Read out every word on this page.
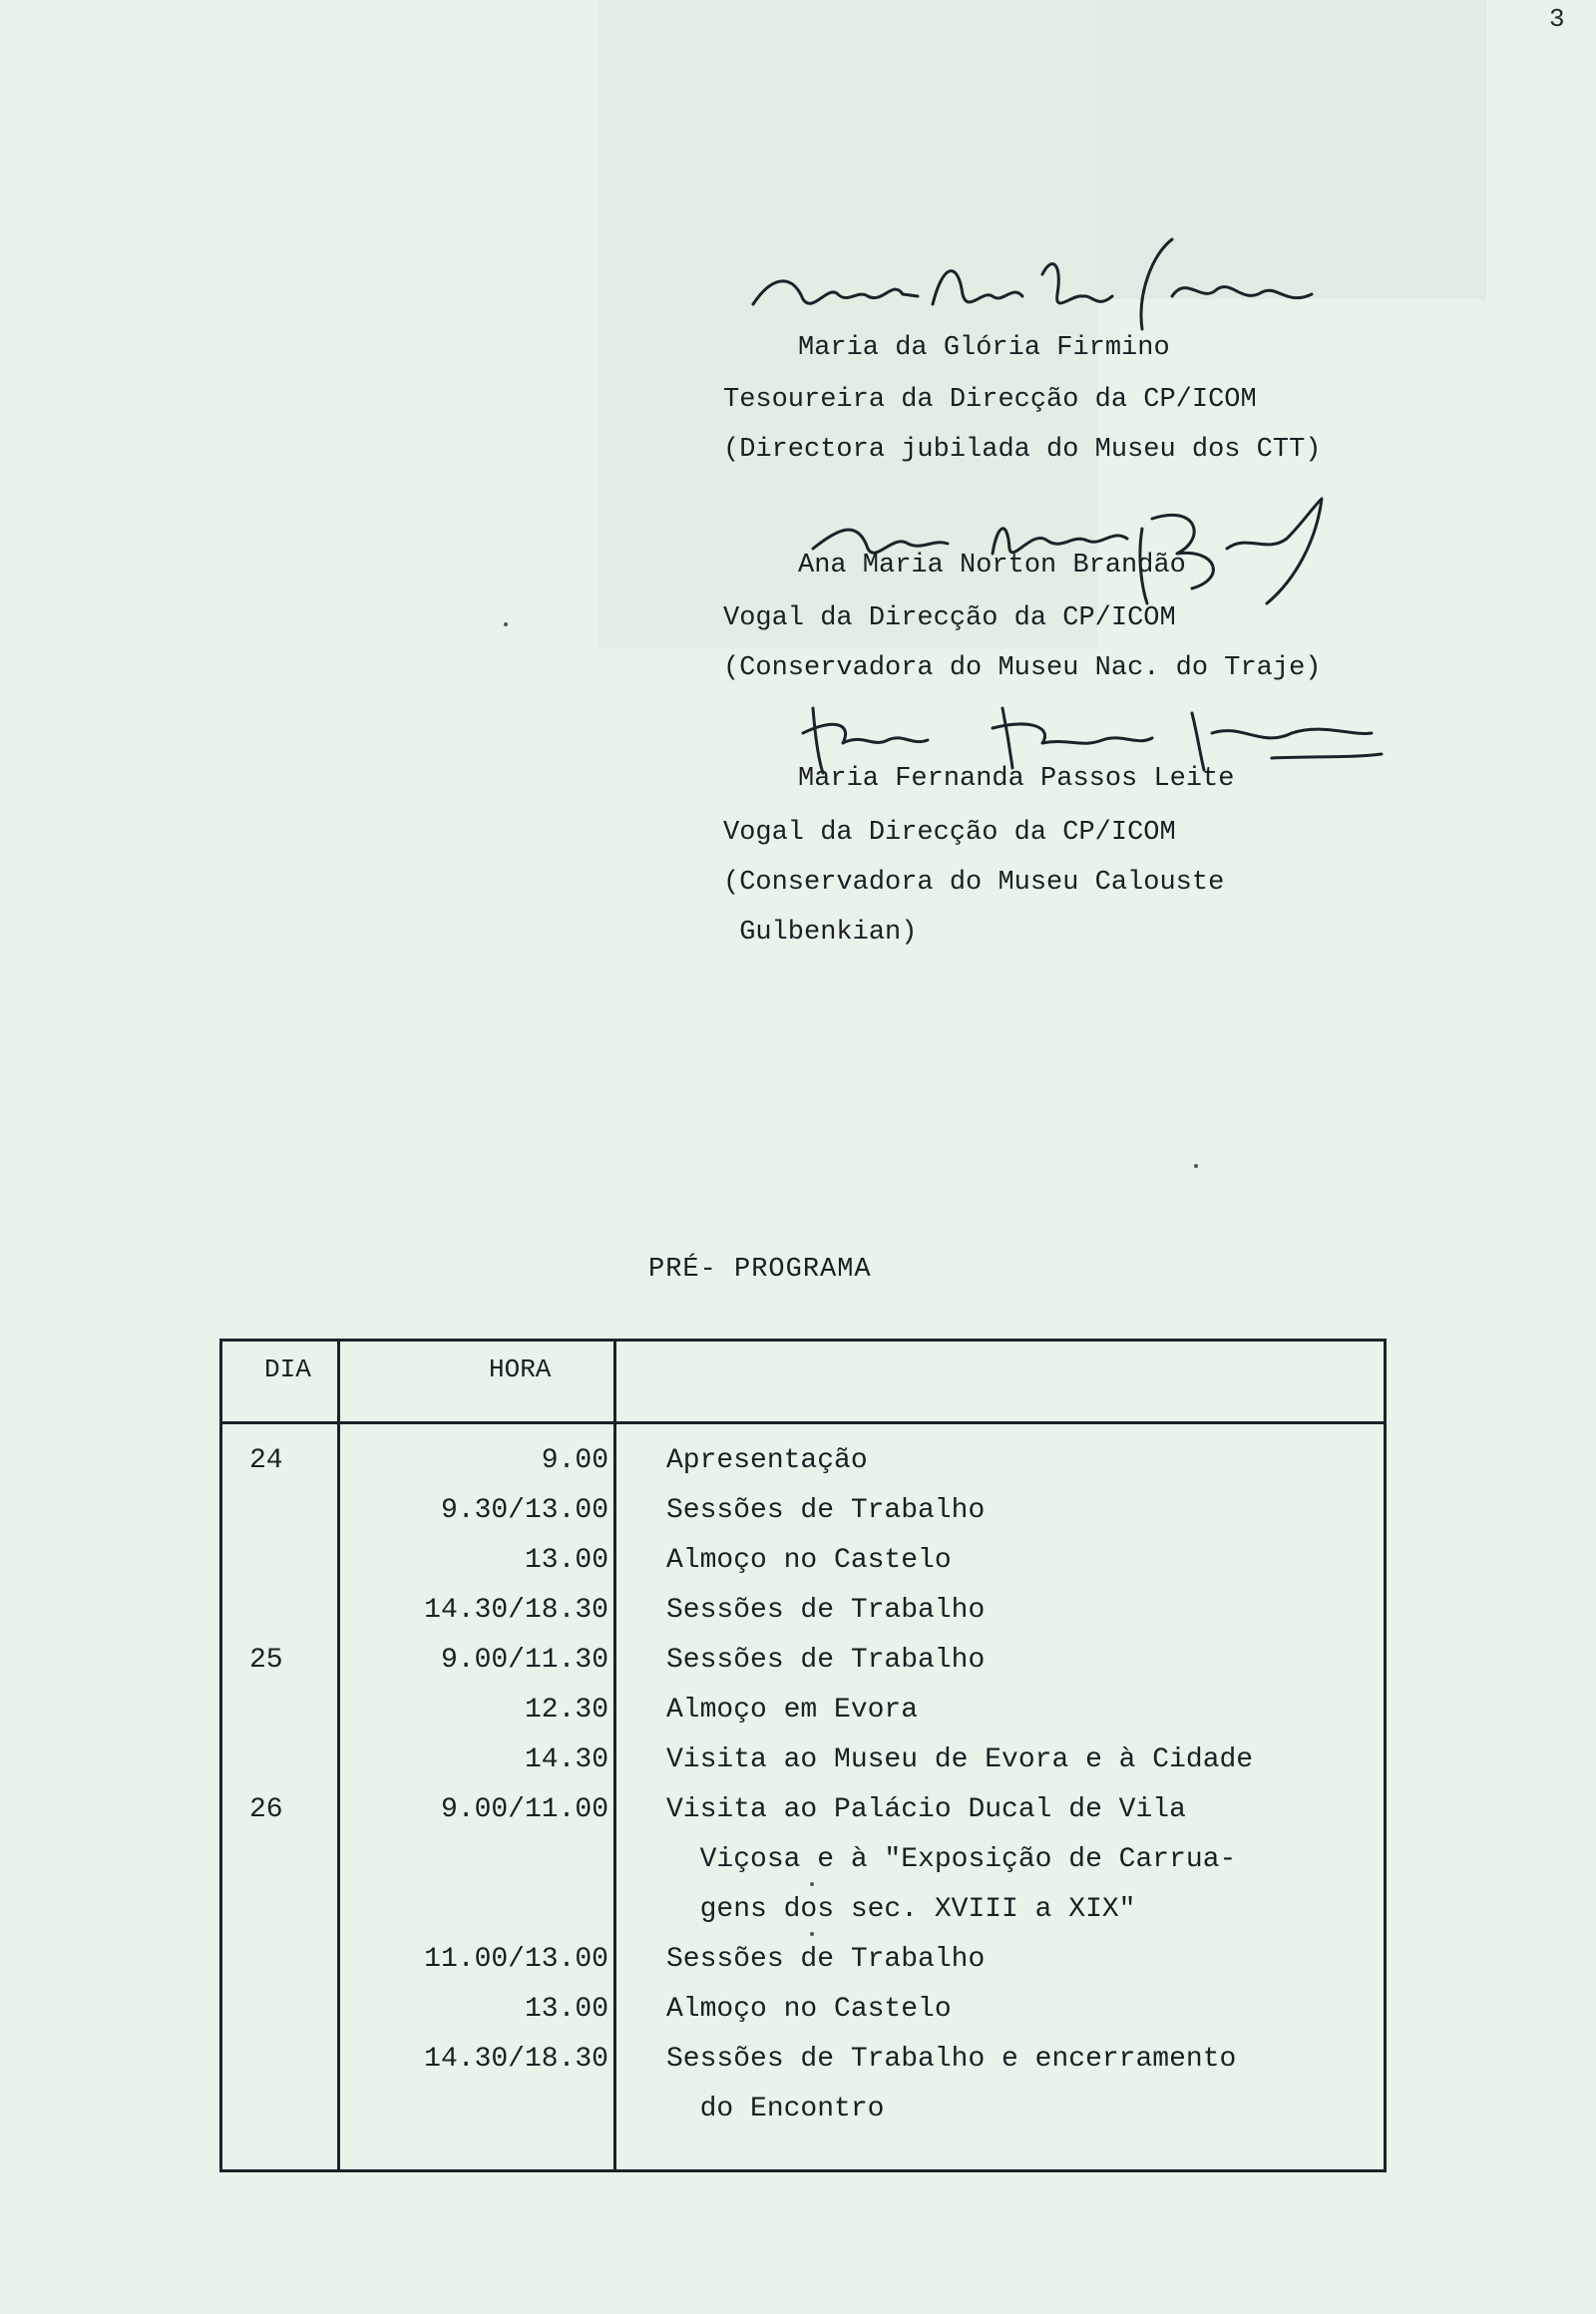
3
Maria da Glória Firmino
Tesoureira da Direcção da CP/ICOM
(Directora jubilada do Museu dos CTT)
Ana Maria Norton Brandão
Vogal da Direcção da CP/ICOM
(Conservadora do Museu Nac. do Traje)
Maria Fernanda Passos Leite
Vogal da Direcção da CP/ICOM
(Conservadora do Museu Calouste
Gulbenkian)
PRÉ- PROGRAMA
DIA	HORA
24	9.00 Apresentação
9.30/13.00 Sessões de Trabalho
13.00 Almoço no Castelo
14.30/18.30 Sessões de Trabalho
25	9.00/11.30 Sessões de Trabalho
12.30 Almoço em Evora
14.30 Visita ao Museu de Evora e à Cidade
26	9.00/11.00 Visita ao Palácio Ducal de Vila
Viçosa e à "Exposição de Carrua-
gens dos sec. XVIII a XIX"
11.00/13.00 Sessões de Trabalho
13.00 Almoço no Castelo
14.30/18.30 Sessões de Trabalho e encerramento
do Encontro
